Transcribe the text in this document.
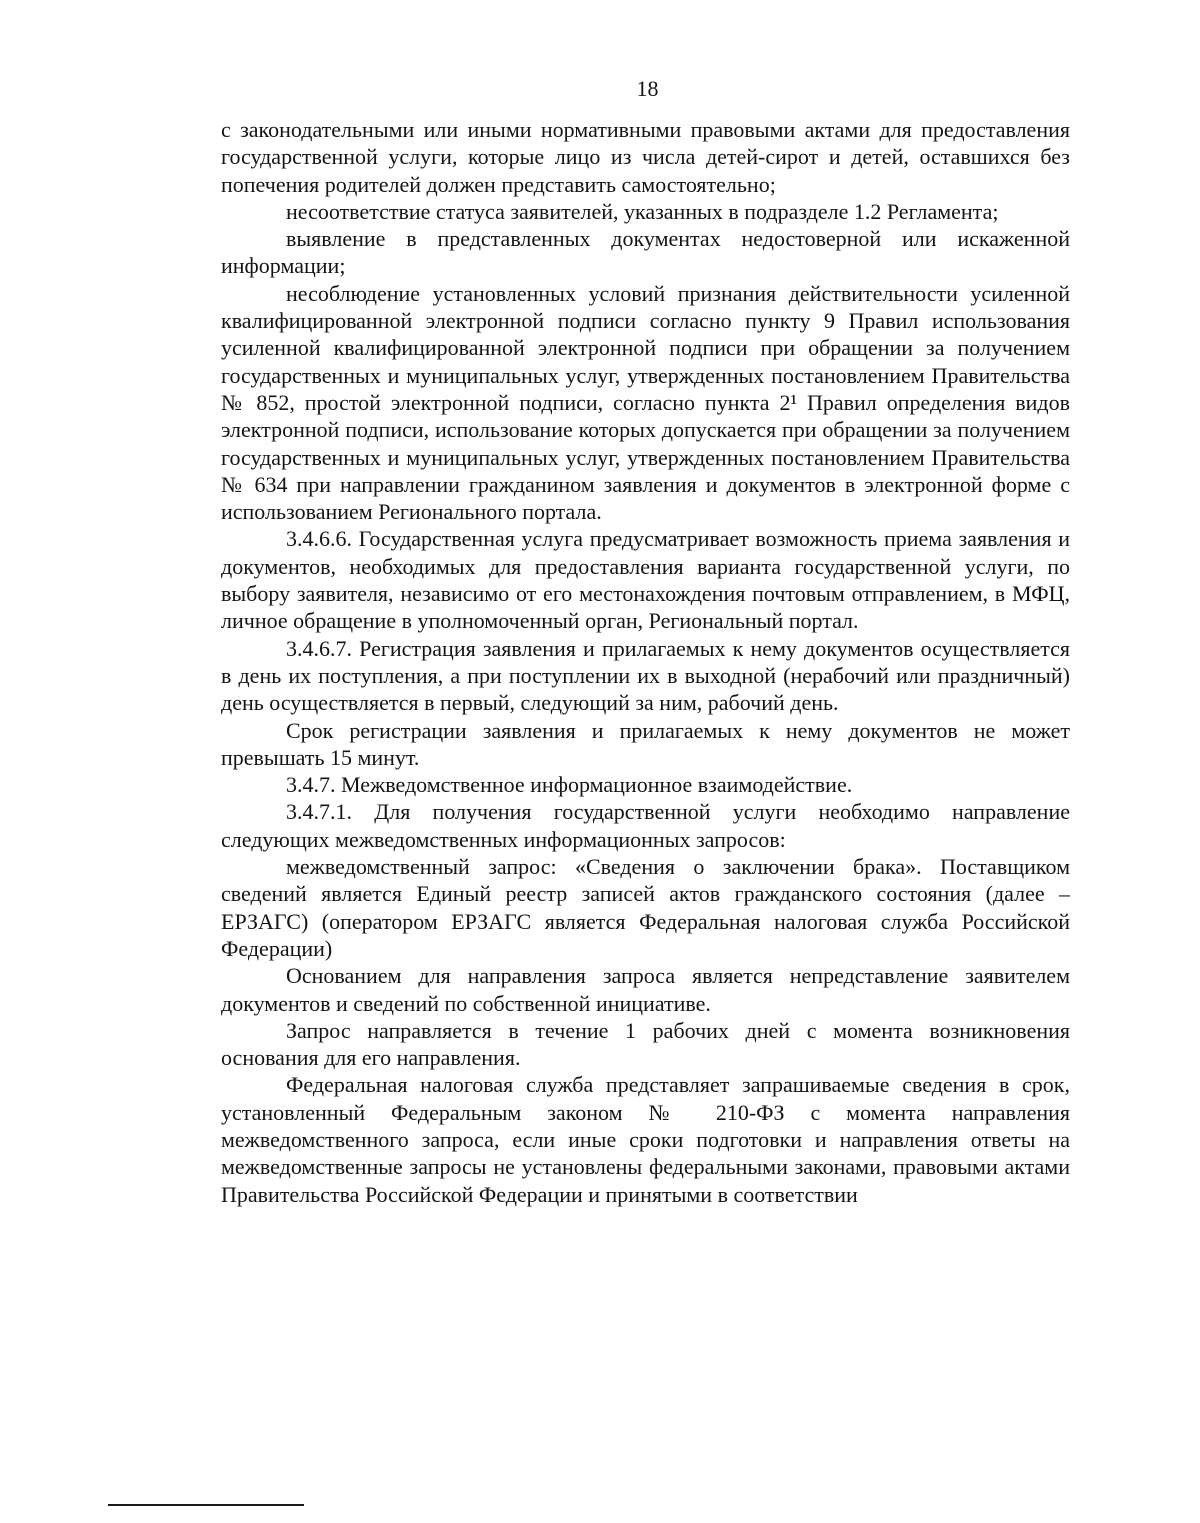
18

с законодательными или иными нормативными правовыми актами для предоставления государственной услуги, которые лицо из числа детей-сирот и детей, оставшихся без попечения родителей должен представить самостоятельно;

несоответствие статуса заявителей, указанных в подразделе 1.2 Регламента;

выявление в представленных документах недостоверной или искаженной информации;

несоблюдение установленных условий признания действительности усиленной квалифицированной электронной подписи согласно пункту 9 Правил использования усиленной квалифицированной электронной подписи при обращении за получением государственных и муниципальных услуг, утвержденных постановлением Правительства № 852, простой электронной подписи, согласно пункта 2¹ Правил определения видов электронной подписи, использование которых допускается при обращении за получением государственных и муниципальных услуг, утвержденных постановлением Правительства № 634 при направлении гражданином заявления и документов в электронной форме с использованием Регионального портала.

3.4.6.6. Государственная услуга предусматривает возможность приема заявления и документов, необходимых для предоставления варианта государственной услуги, по выбору заявителя, независимо от его местонахождения почтовым отправлением, в МФЦ, личное обращение в уполномоченный орган, Региональный портал.

3.4.6.7. Регистрация заявления и прилагаемых к нему документов осуществляется в день их поступления, а при поступлении их в выходной (нерабочий или праздничный) день осуществляется в первый, следующий за ним, рабочий день.

Срок регистрации заявления и прилагаемых к нему документов не может превышать 15 минут.

3.4.7. Межведомственное информационное взаимодействие.

3.4.7.1. Для получения государственной услуги необходимо направление следующих межведомственных информационных запросов:

межведомственный запрос: «Сведения о заключении брака». Поставщиком сведений является Единый реестр записей актов гражданского состояния (далее – ЕРЗАГС) (оператором ЕРЗАГС является Федеральная налоговая служба Российской Федерации)

Основанием для направления запроса является непредставление заявителем документов и сведений по собственной инициативе.

Запрос направляется в течение 1 рабочих дней с момента возникновения основания для его направления.

Федеральная налоговая служба представляет запрашиваемые сведения в срок, установленный Федеральным законом № 210-ФЗ с момента направления межведомственного запроса, если иные сроки подготовки и направления ответы на межведомственные запросы не установлены федеральными законами, правовыми актами Правительства Российской Федерации и принятыми в соответствии
